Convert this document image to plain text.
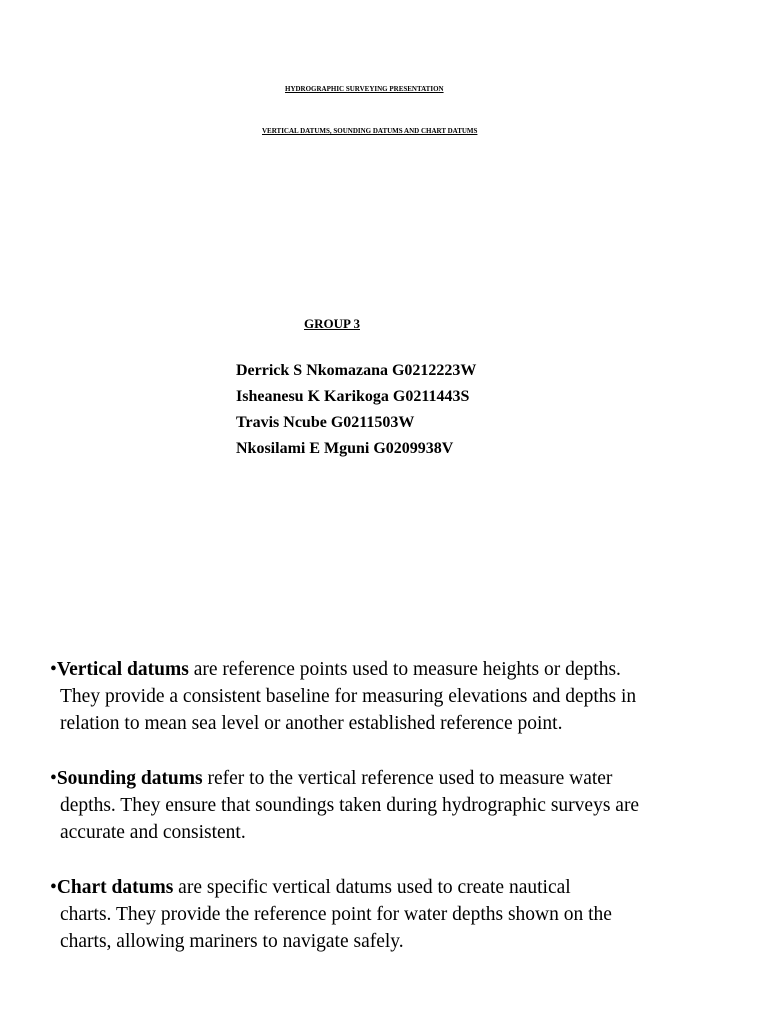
HYDROGRAPHIC SURVEYING PRESENTATION
VERTICAL DATUMS, SOUNDING DATUMS AND CHART DATUMS
GROUP 3
Derrick S Nkomazana G0212223W
Isheanesu K Karikoga G0211443S
Travis Ncube G0211503W
Nkosilami E Mguni G0209938V

•Vertical datums are reference points used to measure heights or depths.

They provide a consistent baseline for measuring elevations and depths in

relation to mean sea level or another established reference point.

•Sounding datums refer to the vertical reference used to measure water

depths. They ensure that soundings taken during hydrographic surveys are

accurate and consistent.

•Chart datums are specific vertical datums used to create nautical

charts. They provide the reference point for water depths shown on the

charts, allowing mariners to navigate safely.
